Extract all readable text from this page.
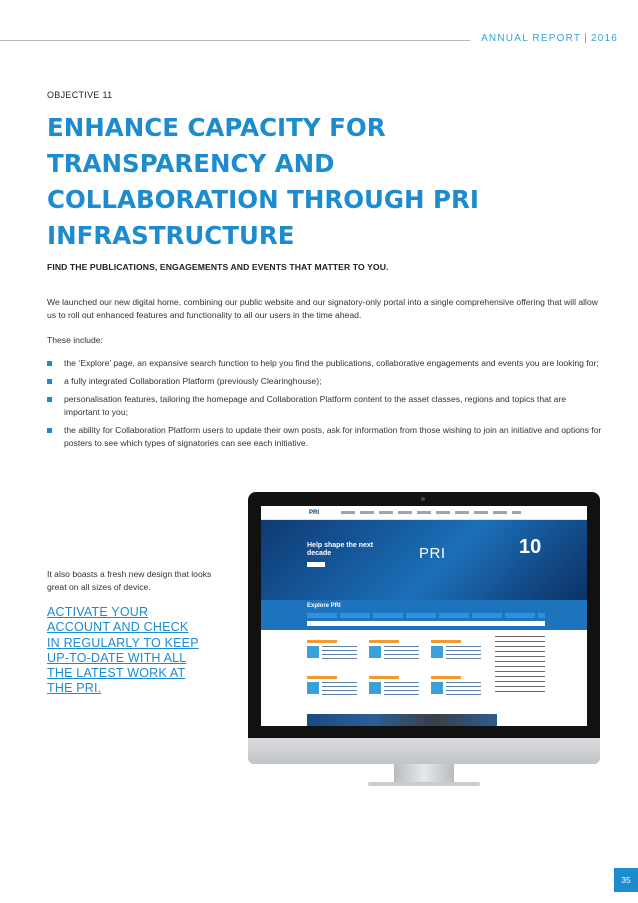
ANNUAL REPORT | 2016
OBJECTIVE 11
ENHANCE CAPACITY FOR
TRANSPARENCY AND
COLLABORATION THROUGH PRI
INFRASTRUCTURE
FIND THE PUBLICATIONS, ENGAGEMENTS AND EVENTS THAT MATTER TO YOU.

We launched our new digital home, combining our public website and our signatory-only portal into a single comprehensive offering that will allow us to roll out enhanced features and functionality to all our users in the time ahead.

These include:

the ‘Explore’ page, an expansive search function to help you find the publications, collaborative engagements and events you are looking for;
a fully integrated Collaboration Platform (previously Clearinghouse);
personalisation features, tailoring the homepage and Collaboration Platform content to the asset classes, regions and topics that are important to you;
the ability for Collaboration Platform users to update their own posts, ask for information from those wishing to join an initiative and options for posters to see which types of signatories can see each initiative.

It also boasts a fresh new design that looks great on all sizes of device.

ACTIVATE YOUR
ACCOUNT AND CHECK
IN REGULARLY TO KEEP
UP-TO-DATE WITH ALL
THE LATEST WORK AT
THE PRI.
PRI
Help shape the next
decade	PRI	10
Explore PRI
35
